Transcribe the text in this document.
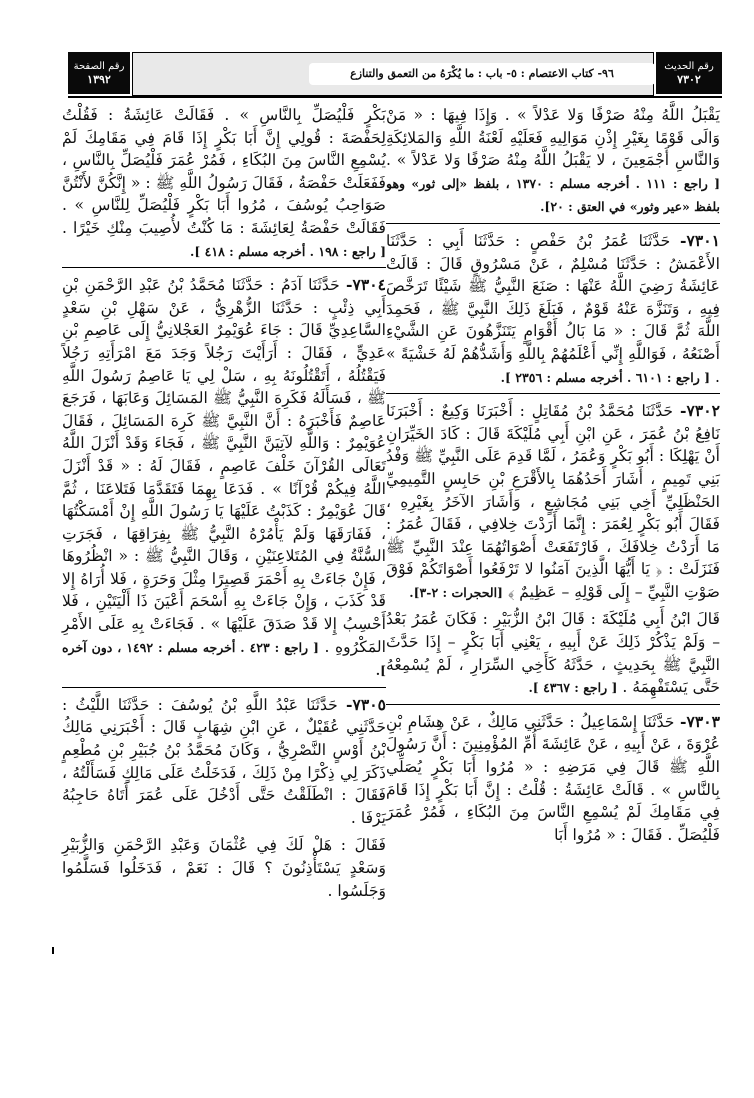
رقم الحديث
٧٣٠٢
٩٦- كتاب الاعتصام : ٥- باب : ما يُكْرَهُ من التعمق والتنازع
رقم الصفحة
١٣٩٢

يَقْبَلُ اللَّهُ مِنْهُ صَرْفًا وَلا عَدْلاً » . وَإِذَا فِيهَا : « مَنْ وَالَى قَوْمًا بِغَيْرِ إِذْنِ مَوَالِيهِ فَعَلَيْهِ لَعْنَةُ اللَّهِ وَالمَلائِكَةِ وَالنَّاسِ أَجْمَعِينَ ، لا يَقْبَلُ اللَّهُ مِنْهُ صَرْفًا وَلا عَدْلاً » . [ راجع : ١١١ . أخرجه مسلم : ١٣٧٠ ، بلفظ «إلى ثور» وهو بلفظ «عير وثور» في العتق : ٢٠].

٧٣٠١- حَدَّثَنَا عُمَرُ بْنُ حَفْصٍ : حَدَّثَنَا أَبِي : حَدَّثَنَا الأَعْمَشُ : حَدَّثَنَا مُسْلِمٌ ، عَنْ مَسْرُوقٍ قَالَ : قَالَتْ عَائِشَةُ رَضِيَ اللَّهُ عَنْهَا : صَنَعَ النَّبِيُّ ﷺ شَيْئًا تَرَخَّصَ فِيهِ ، وَتَنَزَّهَ عَنْهُ قَوْمٌ ، فَبَلَغَ ذَلِكَ النَّبِيَّ ﷺ ، فَحَمِدَ اللَّهَ ثُمَّ قَالَ : « مَا بَالُ أَقْوَامٍ يَتَنَزَّهُونَ عَنِ الشَّيْءِ أَصْنَعُهُ ، فَوَاللَّهِ إِنِّي أَعْلَمُهُمْ بِاللَّهِ وَأَشَدُّهُمْ لَهُ خَشْيَةً » . [ راجع : ٦١٠١ . أخرجه مسلم : ٢٣٥٦ ].

٧٣٠٢- حَدَّثَنَا مُحَمَّدُ بْنُ مُقَاتِلٍ : أَخْبَرَنَا وَكِيعٌ : أَخْبَرَنَا نَافِعُ بْنُ عُمَرَ ، عَنِ ابْنِ أَبِي مُلَيْكَةَ قَالَ : كَادَ الخَيِّرَانِ أَنْ يَهْلِكَا : أَبُو بَكْرٍ وَعُمَرُ ، لَمَّا قَدِمَ عَلَى النَّبِيِّ ﷺ وَفْدُ بَنِي تَمِيمٍ ، أَشَارَ أَحَدُهُمَا بِالأَقْرَعِ بْنِ حَابِسٍ التَّمِيمِيِّ الحَنْظَلِيِّ أَخِي بَنِي مُجَاشِعٍ ، وَأَشَارَ الآخَرُ بِغَيْرِهِ ، فَقَالَ أَبُو بَكْرٍ لِعُمَرَ : إِنَّمَا أَرَدْتَ خِلافِي ، فَقَالَ عُمَرُ : مَا أَرَدْتُ خِلافَكَ ، فَارْتَفَعَتْ أَصْوَاتُهُمَا عِنْدَ النَّبِيِّ ﷺ فَنَزَلَتْ : ﴿ يَا أَيُّهَا الَّذِينَ آمَنُوا لا تَرْفَعُوا أَصْوَاتَكُمْ فَوْقَ صَوْتِ النَّبِيِّ – إِلَى قَوْلِهِ – عَظِيمٌ ﴾ [الحجرات : ٢-٣].

قَالَ ابْنُ أَبِي مُلَيْكَةَ : قَالَ ابْنُ الزُّبَيْرِ : فَكَانَ عُمَرُ بَعْدُ – وَلَمْ يَذْكُرْ ذَلِكَ عَنْ أَبِيهِ ، يَعْنِي أَبَا بَكْرٍ – إِذَا حَدَّثَ النَّبِيَّ ﷺ بِحَدِيثٍ ، حَدَّثَهُ كَأَخِي السِّرَارِ ، لَمْ يُسْمِعْهُ حَتَّى يَسْتَفْهِمَهُ . [ راجع : ٤٣٦٧ ].

٧٣٠٣- حَدَّثَنَا إِسْمَاعِيلُ : حَدَّثَنِي مَالِكٌ ، عَنْ هِشَامِ بْنِ عُرْوَةَ ، عَنْ أَبِيهِ ، عَنْ عَائِشَةَ أُمِّ المُؤْمِنِينَ : أَنَّ رَسُولَ اللَّهِ ﷺ قَالَ فِي مَرَضِهِ : « مُرُوا أَبَا بَكْرٍ يُصَلِّي بِالنَّاسِ » . قَالَتْ عَائِشَةُ : قُلْتُ : إِنَّ أَبَا بَكْرٍ إِذَا قَامَ فِي مَقَامِكَ لَمْ يُسْمِعِ النَّاسَ مِنَ البُكَاءِ ، فَمُرْ عُمَرَ فَلْيُصَلِّ . فَقَالَ : « مُرُوا أَبَا

بَكْرٍ فَلْيُصَلِّ بِالنَّاسِ » . فَقَالَتْ عَائِشَةُ : فَقُلْتُ لِحَفْصَةَ : قُولِي إِنَّ أَبَا بَكْرٍ إِذَا قَامَ فِي مَقَامِكَ لَمْ يُسْمِعِ النَّاسَ مِنَ البُكَاءِ ، فَمُرْ عُمَرَ فَلْيُصَلِّ بِالنَّاسِ ، فَفَعَلَتْ حَفْصَةُ ، فَقَالَ رَسُولُ اللَّهِ ﷺ : « إِنَّكُنَّ لأَنْتُنَّ صَوَاحِبُ يُوسُفَ ، مُرُوا أَبَا بَكْرٍ فَلْيُصَلِّ لِلنَّاسِ » . فَقَالَتْ حَفْصَةُ لِعَائِشَةَ : مَا كُنْتُ لأُصِيبَ مِنْكِ خَيْرًا . [ راجع : ١٩٨ . أخرجه مسلم : ٤١٨ ].

٧٣٠٤- حَدَّثَنَا آدَمُ : حَدَّثَنَا مُحَمَّدُ بْنُ عَبْدِ الرَّحْمَنِ بْنِ أَبِي ذِئْبٍ : حَدَّثَنَا الزُّهْرِيُّ ، عَنْ سَهْلِ بْنِ سَعْدٍ السَّاعِدِيِّ قَالَ : جَاءَ عُوَيْمِرٌ العَجْلانِيُّ إِلَى عَاصِمِ بْنِ عَدِيٍّ ، فَقَالَ : أَرَأَيْتَ رَجُلاً وَجَدَ مَعَ امْرَأَتِهِ رَجُلاً فَيَقْتُلُهُ ، أَتَقْتُلُونَهُ بِهِ ، سَلْ لِي يَا عَاصِمُ رَسُولَ اللَّهِ ﷺ ، فَسَأَلَهُ فَكَرِهَ النَّبِيُّ ﷺ المَسَائِلَ وَعَابَهَا ، فَرَجَعَ عَاصِمٌ فَأَخْبَرَهُ : أَنَّ النَّبِيَّ ﷺ كَرِهَ المَسَائِلَ ، فَقَالَ عُوَيْمِرٌ : وَاللَّهِ لآتِيَنَّ النَّبِيَّ ﷺ ، فَجَاءَ وَقَدْ أَنْزَلَ اللَّهُ تَعَالَى القُرْآنَ خَلْفَ عَاصِمٍ ، فَقَالَ لَهُ : « قَدْ أَنْزَلَ اللَّهُ فِيكُمْ قُرْآنًا » . فَدَعَا بِهِمَا فَتَقَدَّمَا فَتَلاعَنَا ، ثُمَّ قَالَ عُوَيْمِرٌ : كَذَبْتُ عَلَيْهَا يَا رَسُولَ اللَّهِ إِنْ أَمْسَكْتُهَا ، فَفَارَقَهَا وَلَمْ يَأْمُرْهُ النَّبِيُّ ﷺ بِفِرَاقِهَا ، فَجَرَتِ السُّنَّةُ فِي المُتَلاعِنَيْنِ ، وَقَالَ النَّبِيُّ ﷺ : « انْظُرُوهَا ، فَإِنْ جَاءَتْ بِهِ أَحْمَرَ قَصِيرًا مِثْلَ وَحَرَةٍ ، فَلا أُرَاهُ إِلا قَدْ كَذَبَ ، وَإِنْ جَاءَتْ بِهِ أَسْحَمَ أَعْيَنَ ذَا أَلْيَتَيْنِ ، فَلا أَحْسِبُ إِلا قَدْ صَدَقَ عَلَيْهَا » . فَجَاءَتْ بِهِ عَلَى الأَمْرِ المَكْرُوهِ . [ راجع : ٤٢٣ . أخرجه مسلم : ١٤٩٢ ، دون آخره ].

٧٣٠٥- حَدَّثَنَا عَبْدُ اللَّهِ بْنُ يُوسُفَ : حَدَّثَنَا اللَّيْثُ : حَدَّثَنِي عُقَيْلٌ ، عَنِ ابْنِ شِهَابٍ قَالَ : أَخْبَرَنِي مَالِكُ بْنُ أَوْسٍ النَّصْرِيُّ ، وَكَانَ مُحَمَّدُ بْنُ جُبَيْرِ بْنِ مُطْعِمٍ ذَكَرَ لِي ذِكْرًا مِنْ ذَلِكَ ، فَدَخَلْتُ عَلَى مَالِكٍ فَسَأَلْتُهُ ، فَقَالَ : انْطَلَقْتُ حَتَّى أَدْخُلَ عَلَى عُمَرَ أَتَاهُ حَاجِبُهُ يَرْفَا .

فَقَالَ : هَلْ لَكَ فِي عُثْمَانَ وَعَبْدِ الرَّحْمَنِ وَالزُّبَيْرِ وَسَعْدٍ يَسْتَأْذِنُونَ ؟ قَالَ : نَعَمْ ، فَدَخَلُوا فَسَلَّمُوا وَجَلَسُوا .
